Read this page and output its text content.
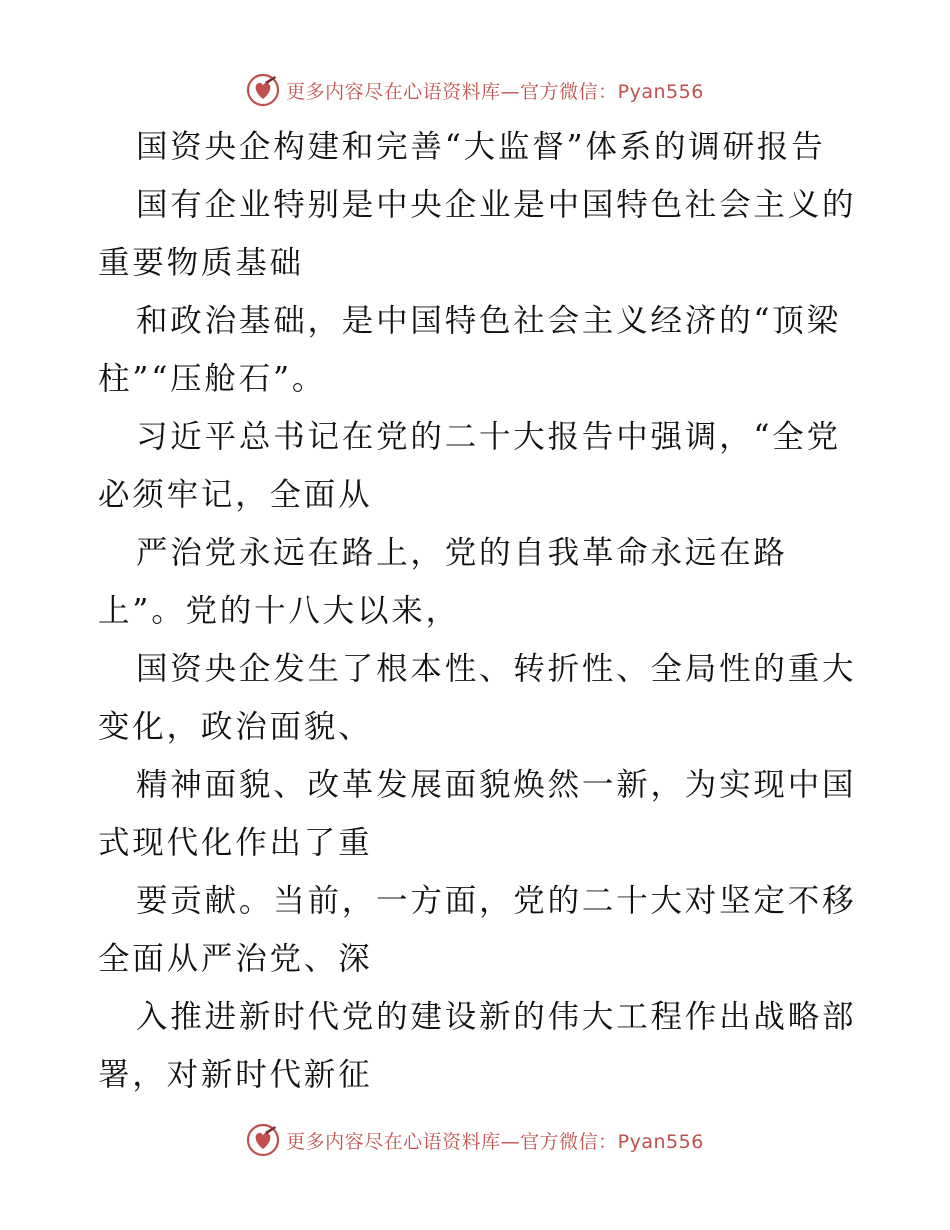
更多内容尽在心语资料库—官方微信：Pyan556
国资央企构建和完善“大监督”体系的调研报告
国有企业特别是中央企业是中国特色社会主义的
重要物质基础
和政治基础，是中国特色社会主义经济的“顶梁
柱”“压舱石”。
习近平总书记在党的二十大报告中强调，“全党
必须牢记，全面从
严治党永远在路上，党的自我革命永远在路
上”。党的十八大以来，
国资央企发生了根本性、转折性、全局性的重大
变化，政治面貌、
精神面貌、改革发展面貌焕然一新，为实现中国
式现代化作出了重
要贡献。当前，一方面，党的二十大对坚定不移
全面从严治党、深
入推进新时代党的建设新的伟大工程作出战略部
署，对新时代新征
更多内容尽在心语资料库—官方微信：Pyan556
